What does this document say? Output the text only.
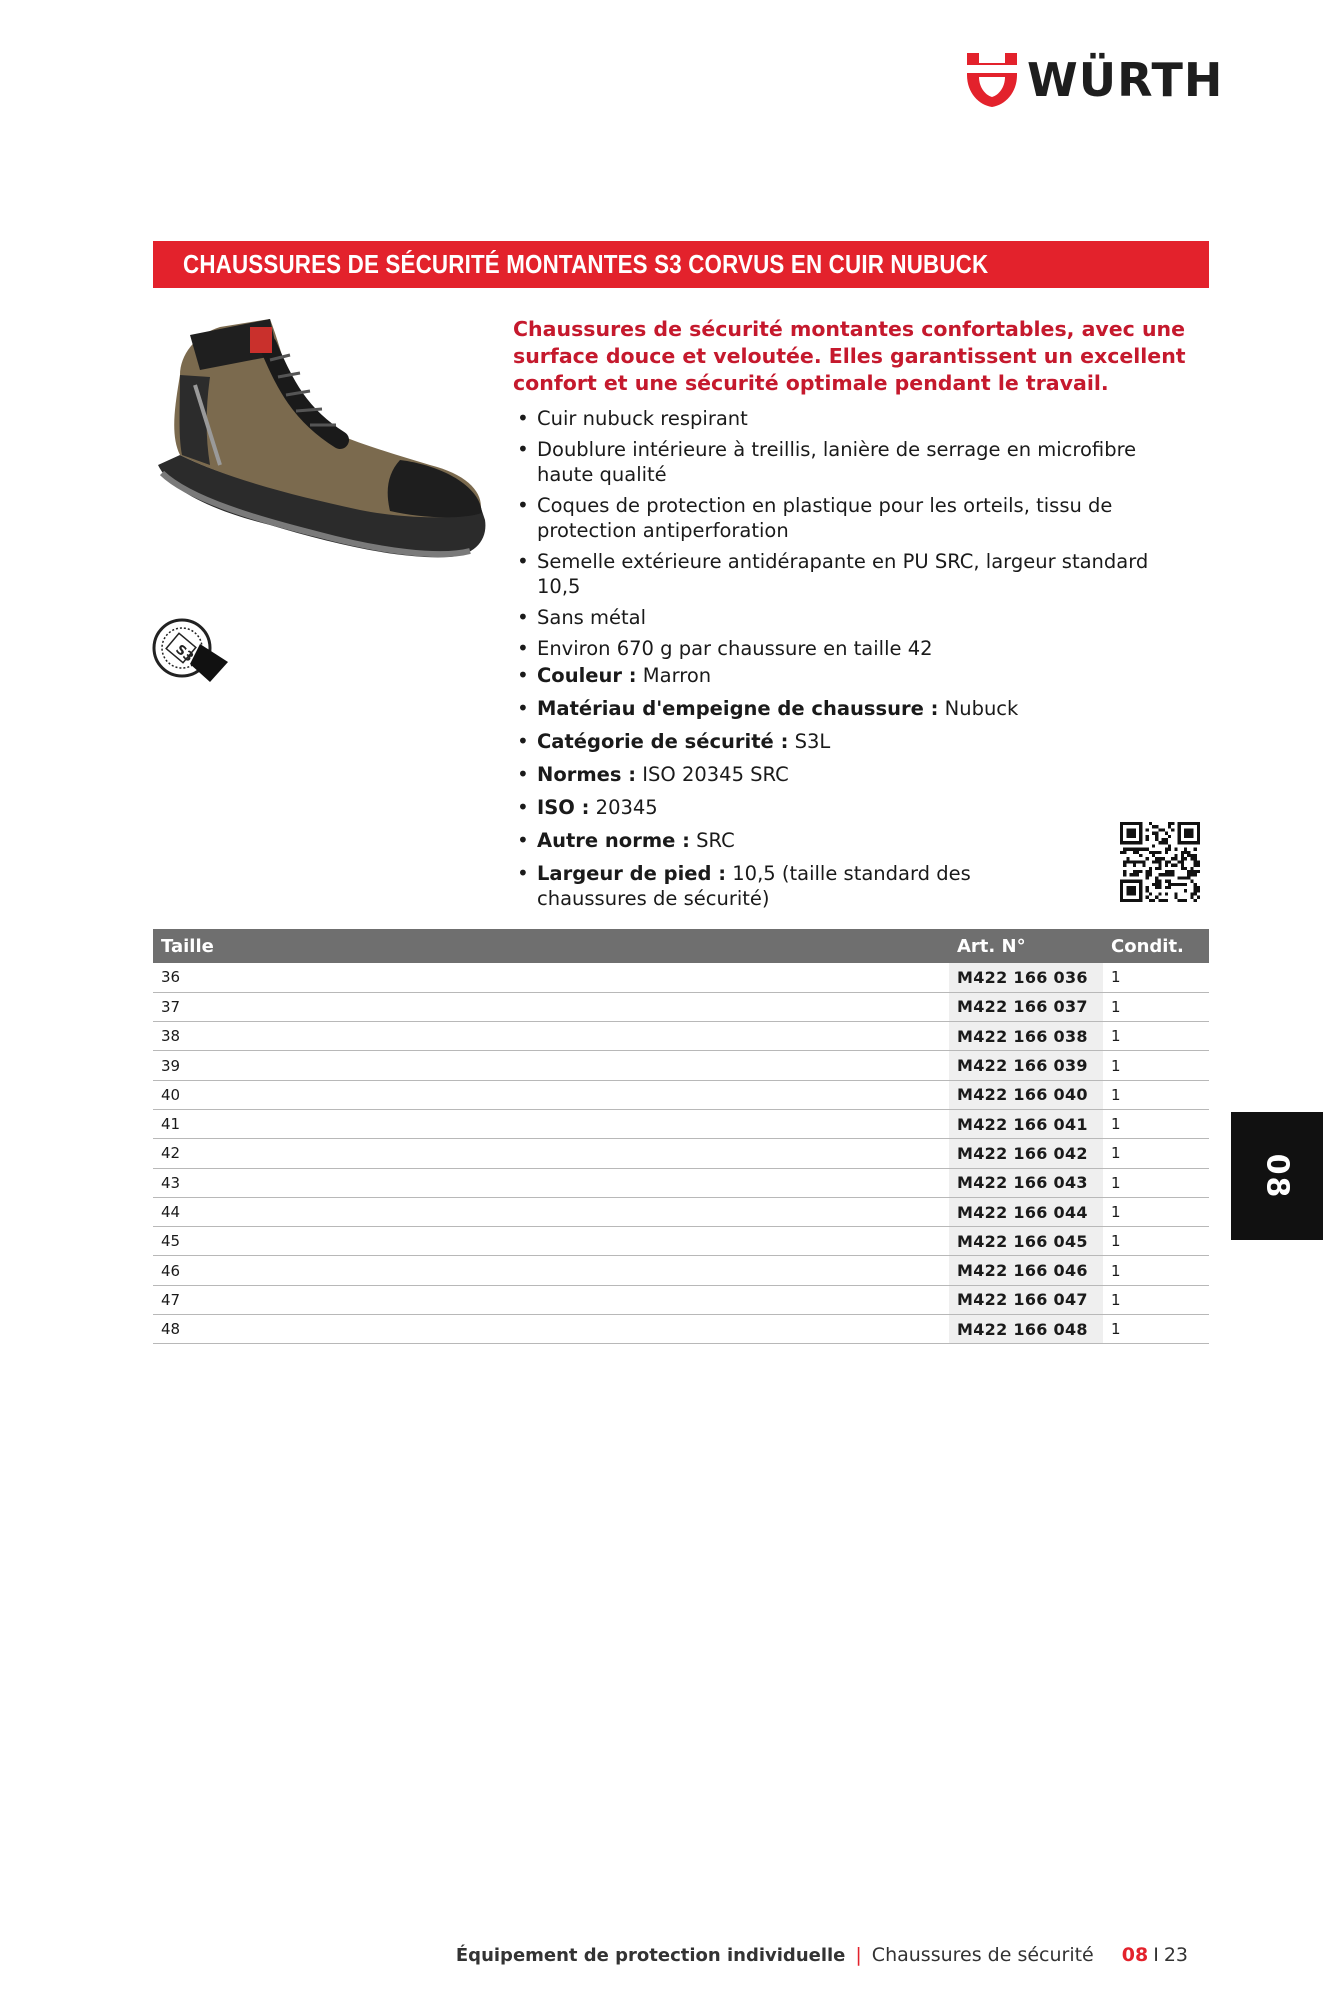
WÜRTH
CHAUSSURES DE SÉCURITÉ MONTANTES S3 CORVUS EN CUIR NUBUCK
S3
Chaussures de sécurité montantes confortables, avec une surface douce et veloutée. Elles garantissent un excellent confort et une sécurité optimale pendant le travail.
• Cuir nubuck respirant
• Doublure intérieure à treillis, lanière de serrage en microfibre haute qualité
• Coques de protection en plastique pour les orteils, tissu de protection antiperforation
• Semelle extérieure antidérapante en PU SRC, largeur standard 10,5
• Sans métal
• Environ 670 g par chaussure en taille 42
• Couleur : Marron
• Matériau d'empeigne de chaussure : Nubuck
• Catégorie de sécurité : S3L
• Normes : ISO 20345 SRC
• ISO : 20345
• Autre norme : SRC
• Largeur de pied : 10,5 (taille standard des chaussures de sécurité)
Taille	Art. N°	Condit.
36	M422 166 036	1
37	M422 166 037	1
38	M422 166 038	1
39	M422 166 039	1
40	M422 166 040	1
41	M422 166 041	1
42	M422 166 042	1
43	M422 166 043	1
44	M422 166 044	1
45	M422 166 045	1
46	M422 166 046	1
47	M422 166 047	1
48	M422 166 048	1
08
Équipement de protection individuelle | Chaussures de sécurité 08 I 23
